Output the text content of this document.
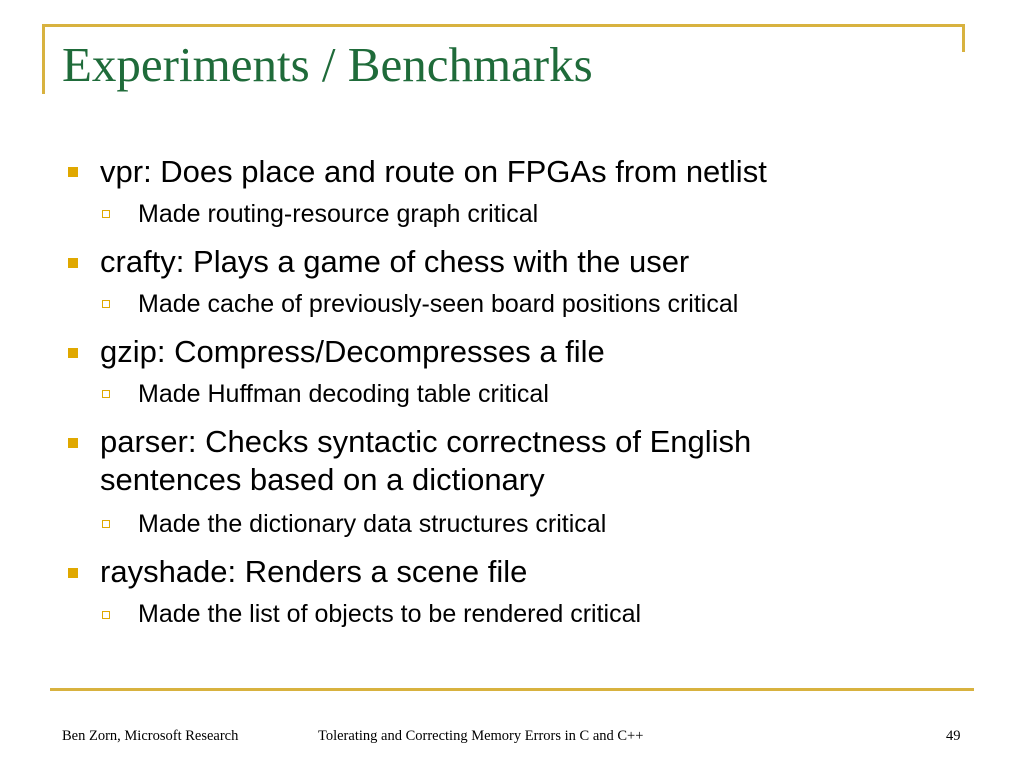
Experiments / Benchmarks
vpr: Does place and route on FPGAs from netlist
Made routing-resource graph critical
crafty: Plays a game of chess with the user
Made cache of previously-seen board positions critical
gzip: Compress/Decompresses a file
Made Huffman decoding table critical
parser: Checks syntactic correctness of English
sentences based on a dictionary
Made the dictionary data structures critical
rayshade: Renders a scene file
Made the list of objects to be rendered critical
Ben Zorn, Microsoft Research	Tolerating and Correcting Memory Errors in C and C++	49
